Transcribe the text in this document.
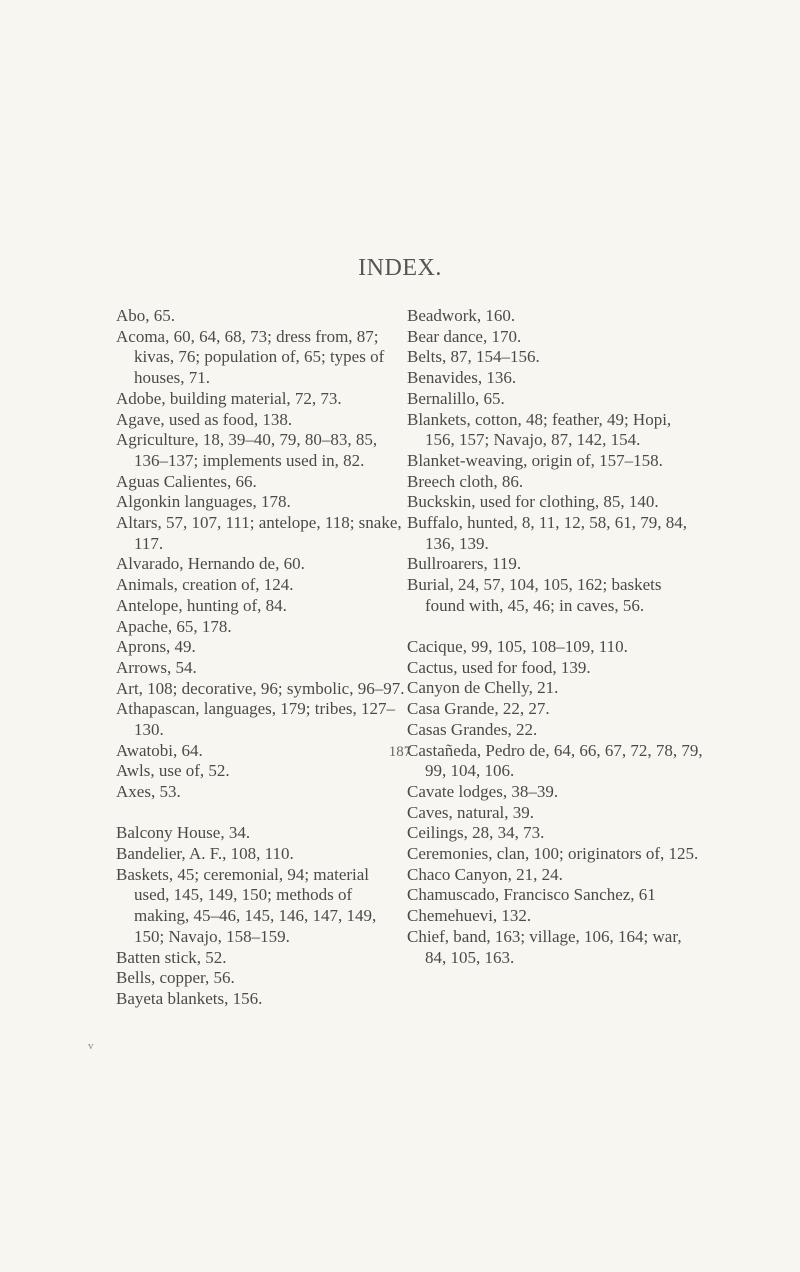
INDEX.

Abo, 65.

Acoma, 60, 64, 68, 73; dress from, 87; kivas, 76; population of, 65; types of houses, 71.

Adobe, building material, 72, 73.

Agave, used as food, 138.

Agriculture, 18, 39–40, 79, 80–83, 85, 136–137; implements used in, 82.

Aguas Calientes, 66.

Algonkin languages, 178.

Altars, 57, 107, 111; antelope, 118; snake, 117.

Alvarado, Hernando de, 60.

Animals, creation of, 124.

Antelope, hunting of, 84.

Apache, 65, 178.

Aprons, 49.

Arrows, 54.

Art, 108; decorative, 96; symbolic, 96–97.

Athapascan, languages, 179; tribes, 127–130.

Awatobi, 64.

Awls, use of, 52.

Axes, 53.

Balcony House, 34.

Bandelier, A. F., 108, 110.

Baskets, 45; ceremonial, 94; material used, 145, 149, 150; methods of making, 45–46, 145, 146, 147, 149, 150; Navajo, 158–159.

Batten stick, 52.

Bells, copper, 56.

Bayeta blankets, 156.

Beadwork, 160.

Bear dance, 170.

Belts, 87, 154–156.

Benavides, 136.

Bernalillo, 65.

Blankets, cotton, 48; feather, 49; Hopi, 156, 157; Navajo, 87, 142, 154.

Blanket-weaving, origin of, 157–158.

Breech cloth, 86.

Buckskin, used for clothing, 85, 140.

Buffalo, hunted, 8, 11, 12, 58, 61, 79, 84, 136, 139.

Bullroarers, 119.

Burial, 24, 57, 104, 105, 162; baskets found with, 45, 46; in caves, 56.

Cacique, 99, 105, 108–109, 110.

Cactus, used for food, 139.

Canyon de Chelly, 21.

Casa Grande, 22, 27.

Casas Grandes, 22.

Castañeda, Pedro de, 64, 66, 67, 72, 78, 79, 99, 104, 106.

Cavate lodges, 38–39.

Caves, natural, 39.

Ceilings, 28, 34, 73.

Ceremonies, clan, 100; originators of, 125.

Chaco Canyon, 21, 24.

Chamuscado, Francisco Sanchez, 61

Chemehuevi, 132.

Chief, band, 163; village, 106, 164; war, 84, 105, 163.

187
v
